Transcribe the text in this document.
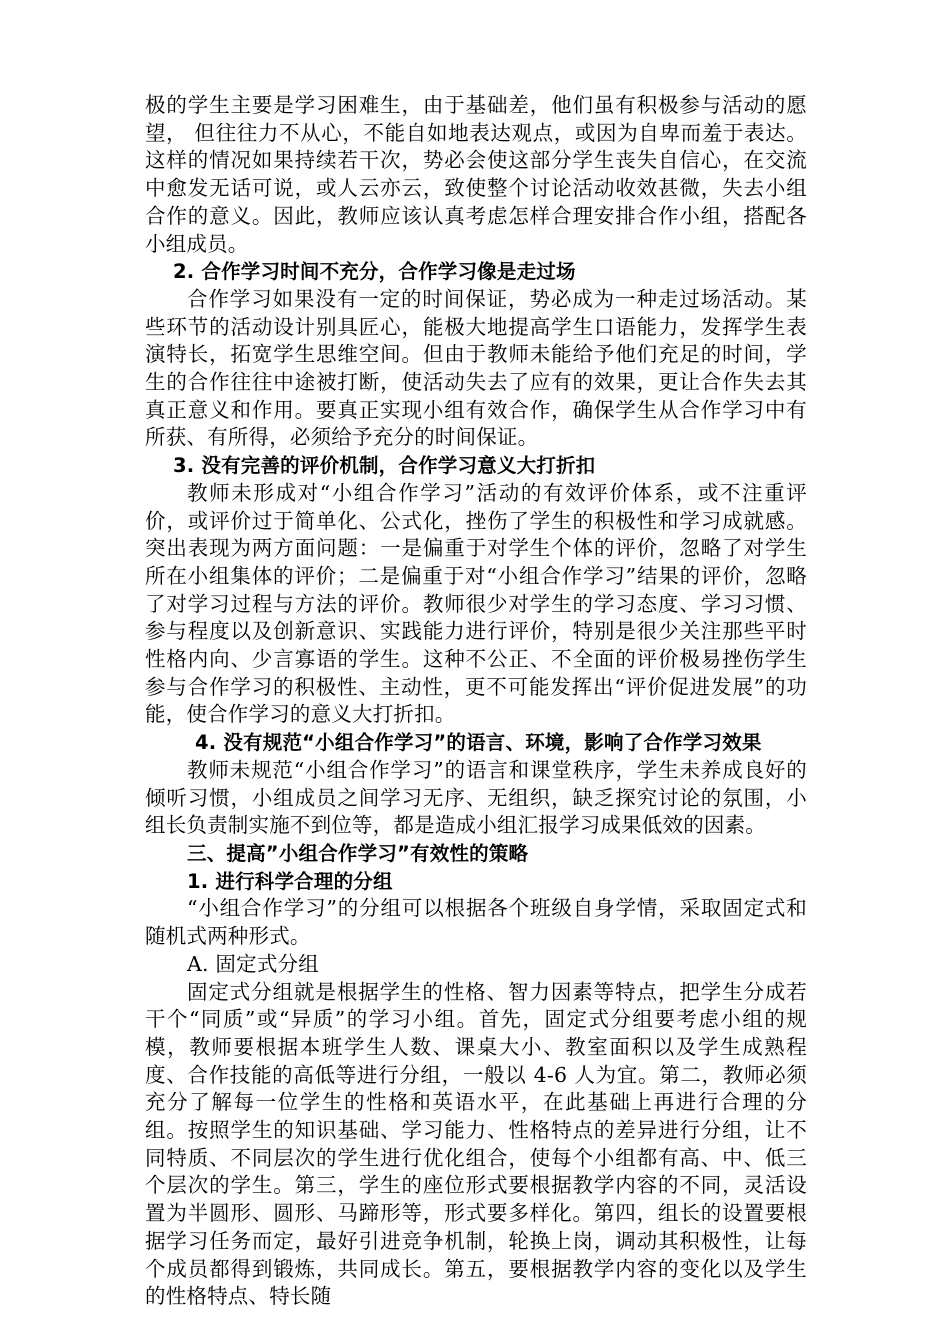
极的学生主要是学习困难生，由于基础差，他们虽有积极参与活动的愿望， 但往往力不从心，不能自如地表达观点，或因为自卑而羞于表达。这样的情况如果持续若干次，势必会使这部分学生丧失自信心，在交流中愈发无话可说，或人云亦云，致使整个讨论活动收效甚微，失去小组合作的意义。因此，教师应该认真考虑怎样合理安排合作小组，搭配各小组成员。

2. 合作学习时间不充分，合作学习像是走过场

合作学习如果没有一定的时间保证，势必成为一种走过场活动。某些环节的活动设计别具匠心，能极大地提高学生口语能力，发挥学生表演特长，拓宽学生思维空间。但由于教师未能给予他们充足的时间，学生的合作往往中途被打断，使活动失去了应有的效果，更让合作失去其真正意义和作用。要真正实现小组有效合作，确保学生从合作学习中有所获、有所得，必须给予充分的时间保证。

3. 没有完善的评价机制，合作学习意义大打折扣

教师未形成对“小组合作学习”活动的有效评价体系，或不注重评价，或评价过于简单化、公式化，挫伤了学生的积极性和学习成就感。突出表现为两方面问题：一是偏重于对学生个体的评价，忽略了对学生所在小组集体的评价；二是偏重于对“小组合作学习”结果的评价，忽略了对学习过程与方法的评价。教师很少对学生的学习态度、学习习惯、参与程度以及创新意识、实践能力进行评价，特别是很少关注那些平时性格内向、少言寡语的学生。这种不公正、不全面的评价极易挫伤学生参与合作学习的积极性、主动性，更不可能发挥出“评价促进发展”的功能，使合作学习的意义大打折扣。

4. 没有规范“小组合作学习”的语言、环境，影响了合作学习效果

教师未规范“小组合作学习”的语言和课堂秩序，学生未养成良好的倾听习惯，小组成员之间学习无序、无组织，缺乏探究讨论的氛围，小组长负责制实施不到位等，都是造成小组汇报学习成果低效的因素。

三、提高”小组合作学习”有效性的策略

1. 进行科学合理的分组

“小组合作学习”的分组可以根据各个班级自身学情，采取固定式和随机式两种形式。

A. 固定式分组

固定式分组就是根据学生的性格、智力因素等特点，把学生分成若干个“同质”或“异质”的学习小组。首先，固定式分组要考虑小组的规模，教师要根据本班学生人数、课桌大小、教室面积以及学生成熟程度、合作技能的高低等进行分组，一般以 4-6 人为宜。第二，教师必须充分了解每一位学生的性格和英语水平，在此基础上再进行合理的分组。按照学生的知识基础、学习能力、性格特点的差异进行分组，让不同特质、不同层次的学生进行优化组合，使每个小组都有高、中、低三个层次的学生。第三，学生的座位形式要根据教学内容的不同，灵活设置为半圆形、圆形、马蹄形等，形式要多样化。第四，组长的设置要根据学习任务而定，最好引进竞争机制，轮换上岗，调动其积极性，让每个成员都得到锻炼，共同成长。第五，要根据教学内容的变化以及学生的性格特点、特长随
